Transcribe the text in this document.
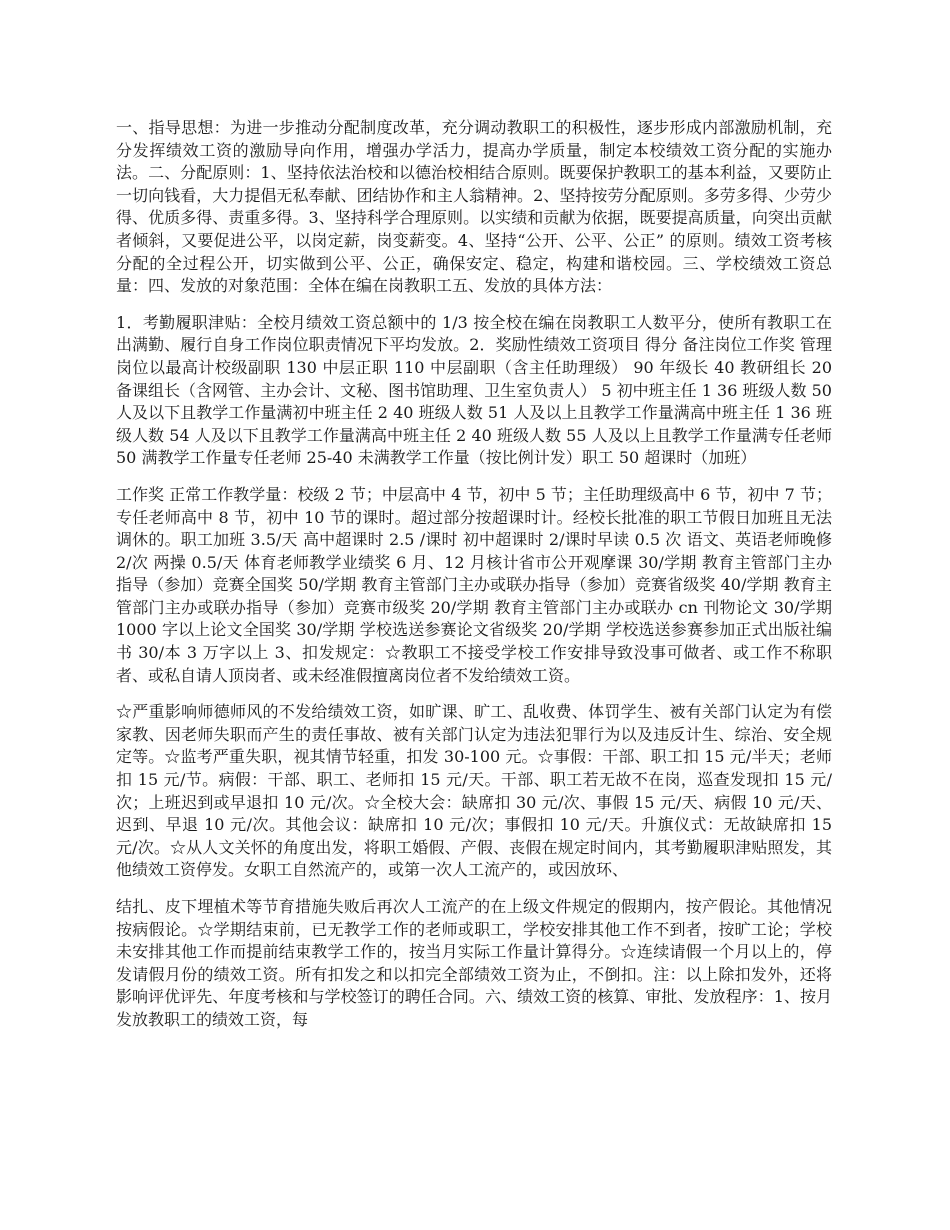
一、指导思想：为进一步推动分配制度改革，充分调动教职工的积极性，逐步形成内部激励机制，充分发挥绩效工资的激励导向作用，增强办学活力，提高办学质量，制定本校绩效工资分配的实施办法。二、分配原则：1、坚持依法治校和以德治校相结合原则。既要保护教职工的基本利益，又要防止一切向钱看，大力提倡无私奉献、团结协作和主人翁精神。2、坚持按劳分配原则。多劳多得、少劳少得、优质多得、责重多得。3、坚持科学合理原则。以实绩和贡献为依据，既要提高质量，向突出贡献者倾斜，又要促进公平，以岗定薪，岗变薪变。4、坚持“公开、公平、公正” 的原则。绩效工资考核分配的全过程公开，切实做到公平、公正，确保安定、稳定，构建和谐校园。三、学校绩效工资总量：四、发放的对象范围：全体在编在岗教职工五、发放的具体方法：

1．考勤履职津贴：全校月绩效工资总额中的 1/3 按全校在编在岗教职工人数平分，使所有教职工在出满勤、履行自身工作岗位职责情况下平均发放。2．奖励性绩效工资项目 得分 备注岗位工作奖 管理岗位以最高计校级副职 130 中层正职 110 中层副职（含主任助理级） 90 年级长 40 教研组长 20 备课组长（含网管、主办会计、文秘、图书馆助理、卫生室负责人） 5 初中班主任 1 36 班级人数 50 人及以下且教学工作量满初中班主任 2 40 班级人数 51 人及以上且教学工作量满高中班主任 1 36 班级人数 54 人及以下且教学工作量满高中班主任 2 40 班级人数 55 人及以上且教学工作量满专任老师 50 满教学工作量专任老师 25-40 未满教学工作量（按比例计发）职工 50 超课时（加班）

工作奖 正常工作教学量：校级 2 节；中层高中 4 节，初中 5 节；主任助理级高中 6 节，初中 7 节；专任老师高中 8 节，初中 10 节的课时。超过部分按超课时计。经校长批准的职工节假日加班且无法调休的。职工加班 3.5/天 高中超课时 2.5 /课时 初中超课时 2/课时早读 0.5 次 语文、英语老师晚修 2/次 两操 0.5/天 体育老师教学业绩奖 6 月、12 月核计省市公开观摩课 30/学期 教育主管部门主办指导（参加）竞赛全国奖 50/学期 教育主管部门主办或联办指导（参加）竞赛省级奖 40/学期 教育主管部门主办或联办指导（参加）竞赛市级奖 20/学期 教育主管部门主办或联办 cn 刊物论文 30/学期 1000 字以上论文全国奖 30/学期 学校选送参赛论文省级奖 20/学期 学校选送参赛参加正式出版社编书 30/本 3 万字以上 3、扣发规定：☆教职工不接受学校工作安排导致没事可做者、或工作不称职者、或私自请人顶岗者、或未经准假擅离岗位者不发给绩效工资。

☆严重影响师德师风的不发给绩效工资，如旷课、旷工、乱收费、体罚学生、被有关部门认定为有偿家教、因老师失职而产生的责任事故、被有关部门认定为违法犯罪行为以及违反计生、综治、安全规定等。☆监考严重失职，视其情节轻重，扣发 30-100 元。☆事假：干部、职工扣 15 元/半天；老师扣 15 元/节。病假：干部、职工、老师扣 15 元/天。干部、职工若无故不在岗，巡查发现扣 15 元/次；上班迟到或早退扣 10 元/次。☆全校大会：缺席扣 30 元/次、事假 15 元/天、病假 10 元/天、迟到、早退 10 元/次。其他会议：缺席扣 10 元/次；事假扣 10 元/天。升旗仪式：无故缺席扣 15 元/次。☆从人文关怀的角度出发，将职工婚假、产假、丧假在规定时间内，其考勤履职津贴照发，其他绩效工资停发。女职工自然流产的，或第一次人工流产的，或因放环、

结扎、皮下埋植术等节育措施失败后再次人工流产的在上级文件规定的假期内，按产假论。其他情况按病假论。☆学期结束前，已无教学工作的老师或职工，学校安排其他工作不到者，按旷工论；学校未安排其他工作而提前结束教学工作的，按当月实际工作量计算得分。☆连续请假一个月以上的，停发请假月份的绩效工资。所有扣发之和以扣完全部绩效工资为止，不倒扣。注：以上除扣发外，还将影响评优评先、年度考核和与学校签订的聘任合同。六、绩效工资的核算、审批、发放程序：1、按月发放教职工的绩效工资，每
